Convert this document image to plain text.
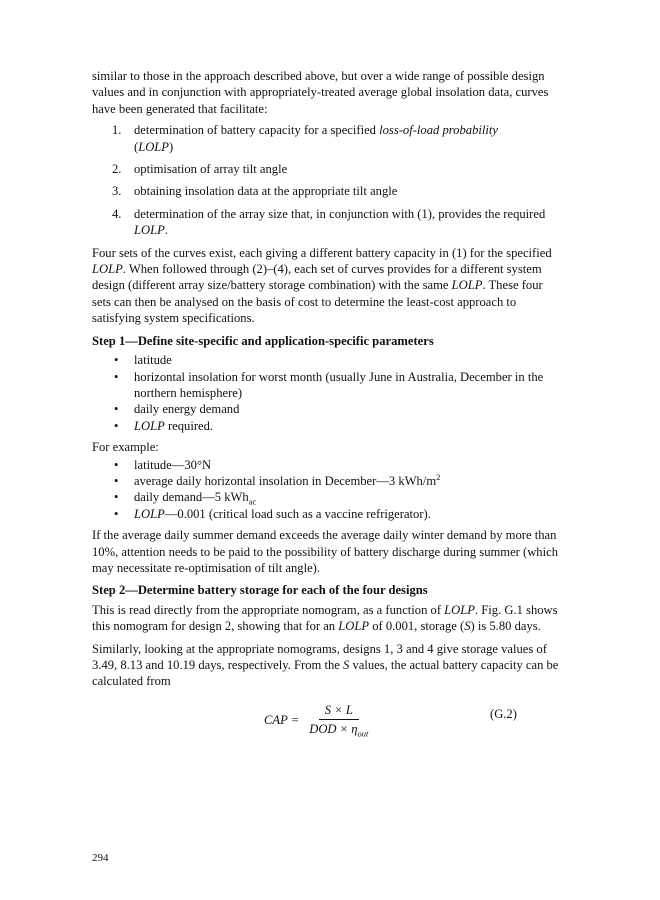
similar to those in the approach described above, but over a wide range of possible design values and in conjunction with appropriately-treated average global insolation data, curves have been generated that facilitate:

1. determination of battery capacity for a specified loss-of-load probability
(LOLP)
2. optimisation of array tilt angle
3. obtaining insolation data at the appropriate tilt angle
4. determination of the array size that, in conjunction with (1), provides the required LOLP.

Four sets of the curves exist, each giving a different battery capacity in (1) for the specified LOLP. When followed through (2)–(4), each set of curves provides for a different system design (different array size/battery storage combination) with the same LOLP. These four sets can then be analysed on the basis of cost to determine the least-cost approach to satisfying system specifications.

Step 1—Define site-specific and application-specific parameters

• latitude
• horizontal insolation for worst month (usually June in Australia, December in the northern hemisphere)
• daily energy demand
• LOLP required.

For example:

• latitude—30°N
• average daily horizontal insolation in December—3 kWh/$m^2$
• daily demand—5 kWh$_{ac}$
• LOLP—0.001 (critical load such as a vaccine refrigerator).

If the average daily summer demand exceeds the average daily winter demand by more than 10%, attention needs to be paid to the possibility of battery discharge during summer (which may necessitate re-optimisation of tilt angle).

Step 2—Determine battery storage for each of the four designs

This is read directly from the appropriate nomogram, as a function of LOLP. Fig. G.1 shows this nomogram for design 2, showing that for an LOLP of 0.001, storage (S) is 5.80 days.

Similarly, looking at the appropriate nomograms, designs 1, 3 and 4 give storage values of 3.49, 8.13 and 10.19 days, respectively. From the S values, the actual battery capacity can be calculated from

CAP = $\frac{S \times L}{DOD \times \eta_{out}}$	(G.2)
294
